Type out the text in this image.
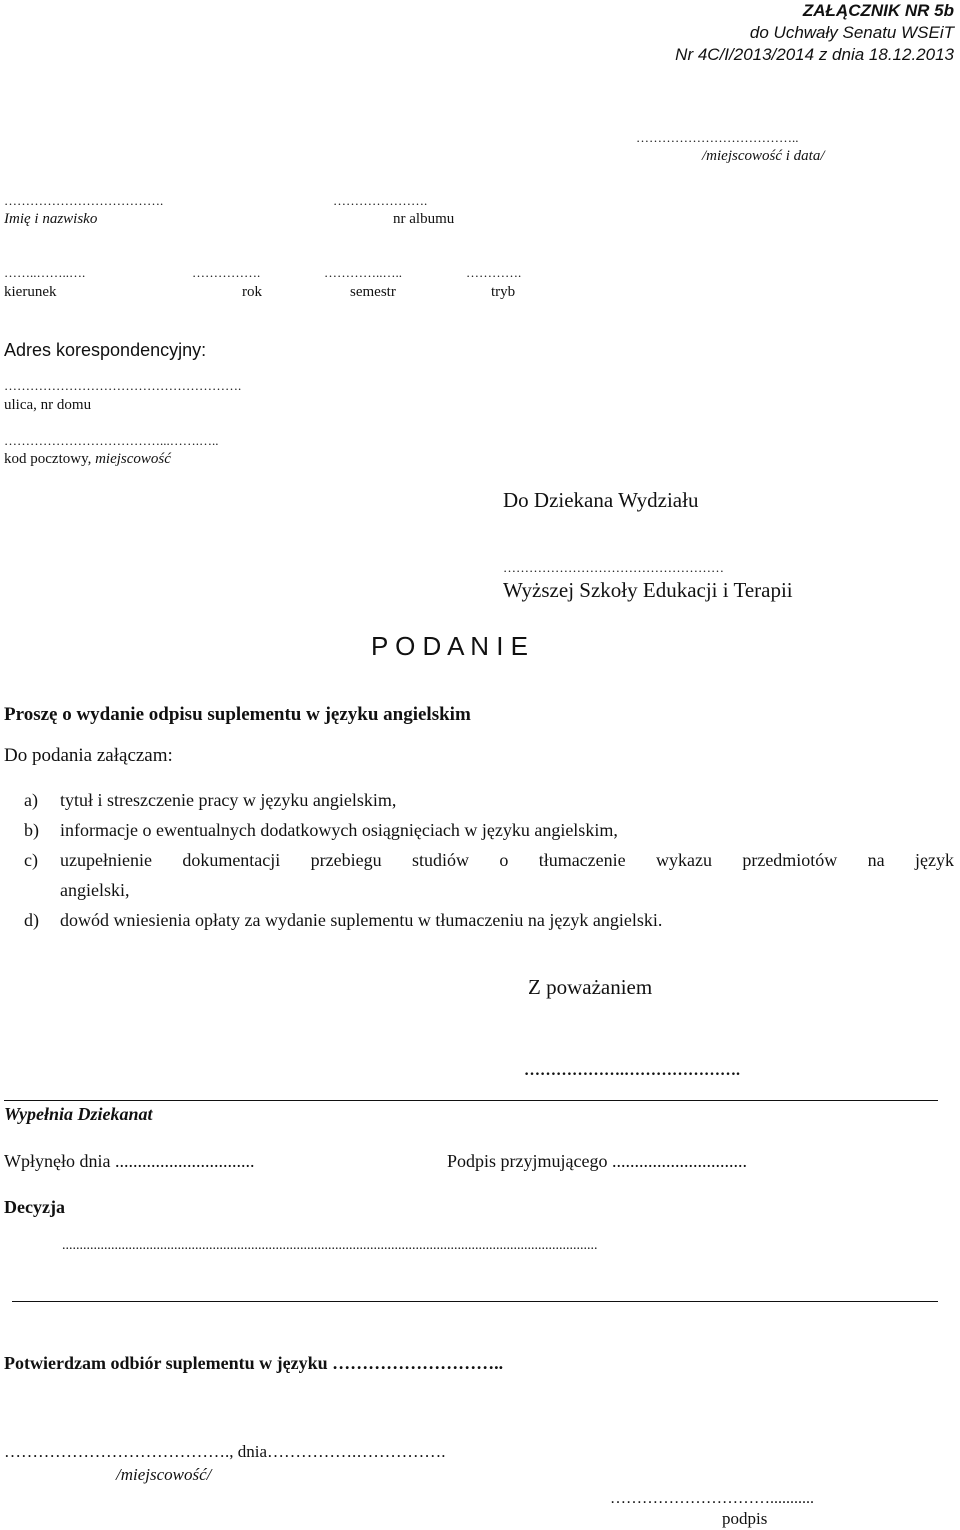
ZAŁĄCZNIK NR 5b
do Uchwały Senatu WSEiT
Nr 4C/I/2013/2014 z dnia 18.12.2013
………………………………..
/miejscowość i data/
……………………………….
Imię i nazwisko
………………….
nr albumu
……..……..….
kierunek
…………….
rok
…………..…..
semestr
………….
tryb
Adres korespondencyjny:
……………………………………………….
ulica, nr domu
………………………………...…….…..
kod pocztowy, miejscowość
Do Dziekana Wydziału
……………………………………………
Wyższej Szkoły Edukacji i Terapii
P O D A N I E
Proszę o wydanie odpisu suplementu w języku angielskim
Do podania załączam:
a) tytuł i streszczenie pracy w języku angielskim,
b) informacje o ewentualnych dodatkowych osiągnięciach w języku angielskim,
c) uzupełnienie dokumentacji przebiegu studiów o tłumaczenie wykazu przedmiotów na język
angielski,
d) dowód wniesienia opłaty za wydanie suplementu w tłumaczeniu na język angielski.
Z poważaniem
……………….………………….
Wypełnia Dziekanat
Wpłynęło dnia ...............................	Podpis przyjmującego ..............................
Decyzja
.........................................................................................................................................................
Potwierdzam odbiór suplementu w języku ………………………..
…………………………………., dnia…………….…………….
/miejscowość/
…………………………...........
podpis
